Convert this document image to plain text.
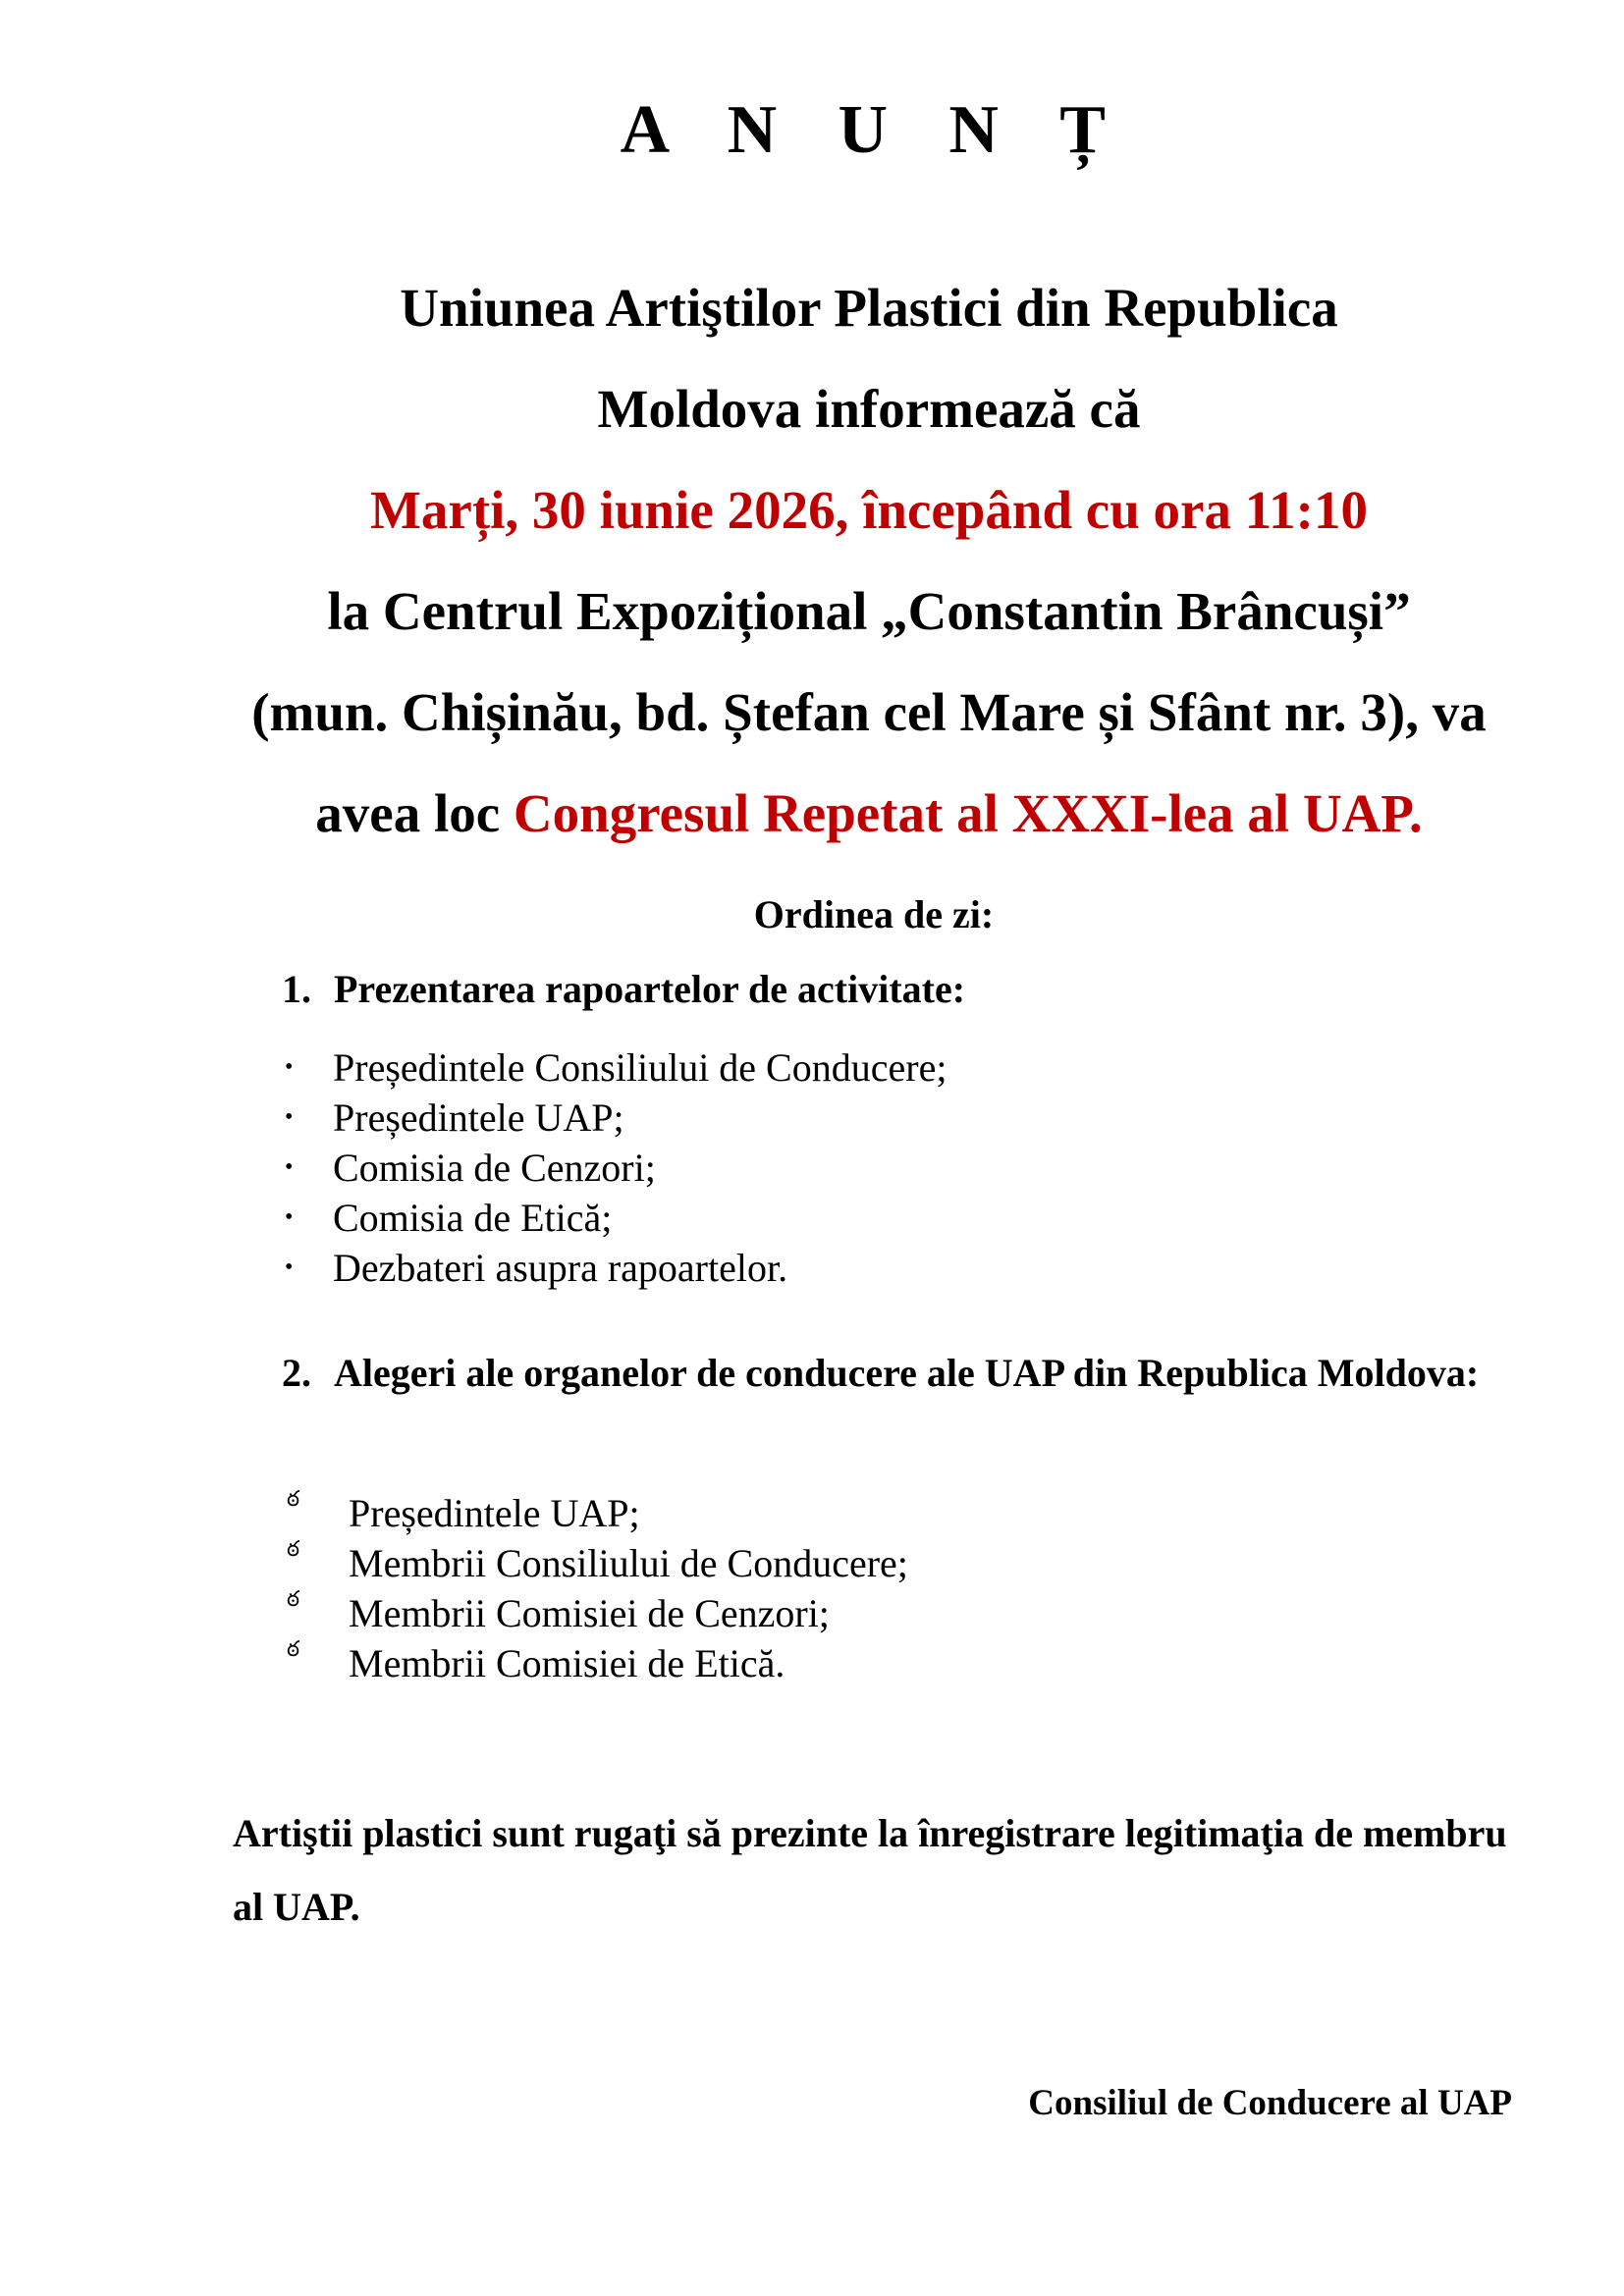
A N U N Ț
Uniunea Artiştilor Plastici din Republica
Moldova informează că
Marți, 30 iunie 2026, începând cu ora 11:10
la Centrul Expozițional „Constantin Brâncuși”
(mun. Chișinău, bd. Ștefan cel Mare și Sfânt nr. 3), va
avea loc Congresul Repetat al XXXI-lea al UAP.
Ordinea de zi:
1. Prezentarea rapoartelor de activitate:
• Președintele Consiliului de Conducere;
• Președintele UAP;
• Comisia de Cenzori;
• Comisia de Etică;
• Dezbateri asupra rapoartelor.
2. Alegeri ale organelor de conducere ale UAP din Republica Moldova:
ఠ Președintele UAP;
ఠ Membrii Consiliului de Conducere;
ఠ Membrii Comisiei de Cenzori;
ఠ Membrii Comisiei de Etică.

Artiştii plastici sunt rugaţi să prezinte la înregistrare legitimaţia de membru al UAP.

Consiliul de Conducere al UAP
